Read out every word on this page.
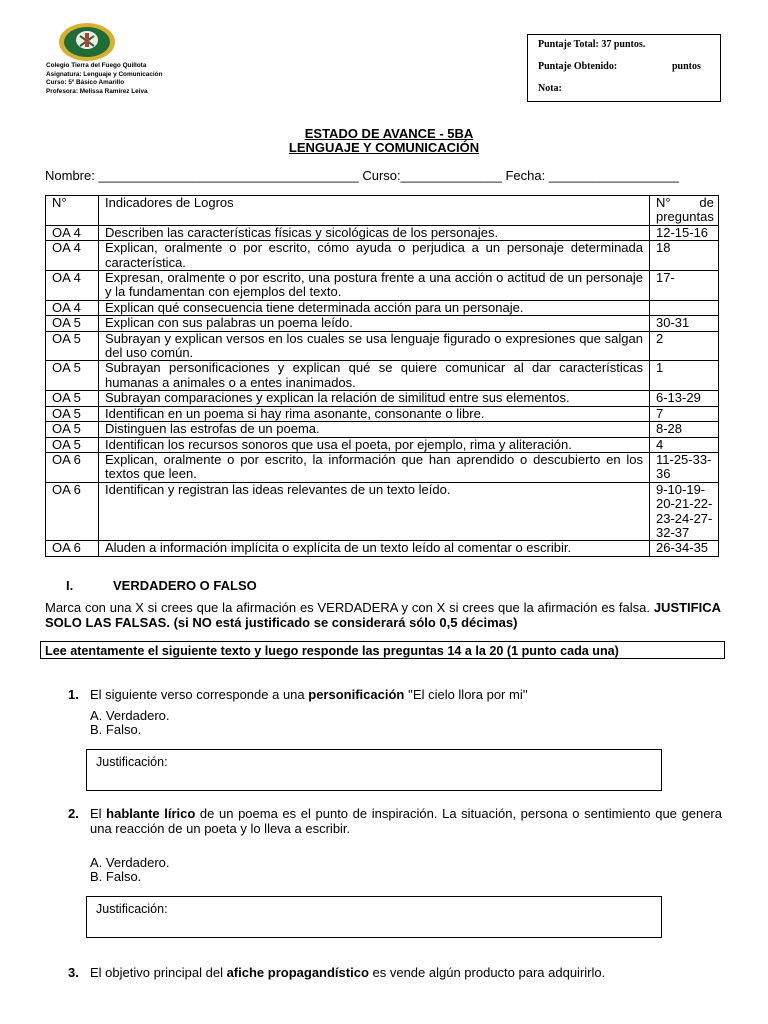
Colegio Tierra del Fuego Quillota
Asignatura: Lenguaje y Comunicación
Curso: 5º Básico Amarillo
Profesora: Melissa Ramírez Leiva
Puntaje Total: 37 puntos.
Puntaje Obtenido:	puntos
Nota:
ESTADO DE AVANCE - 5BA
LENGUAJE Y COMUNICACIÓN
Nombre: ____________________________________ Curso:______________ Fecha: __________________
N°	Indicadores de Logros	N° de
preguntas

OA 4	Describen las características físicas y sicológicas de los personajes.	12-15-16
OA 4	Explican, oralmente o por escrito, cómo ayuda o perjudica a un personaje determinada característica.	18
OA 4	Expresan, oralmente o por escrito, una postura frente a una acción o actitud de un personaje y la fundamentan con ejemplos del texto.	17-
OA 4	Explican qué consecuencia tiene determinada acción para un personaje.	
OA 5	Explican con sus palabras un poema leído.	30-31
OA 5	Subrayan y explican versos en los cuales se usa lenguaje figurado o expresiones que salgan del uso común.	2
OA 5	Subrayan personificaciones y explican qué se quiere comunicar al dar características humanas a animales o a entes inanimados.	1
OA 5	Subrayan comparaciones y explican la relación de similitud entre sus elementos.	6-13-29
OA 5	Identifican en un poema si hay rima asonante, consonante o libre.	7
OA 5	Distinguen las estrofas de un poema.	8-28
OA 5	Identifican los recursos sonoros que usa el poeta, por ejemplo, rima y aliteración.	4
OA 6	Explican, oralmente o por escrito, la información que han aprendido o descubierto en los textos que leen.	11-25-33-36
OA 6	Identifican y registran las ideas relevantes de un texto leído.	9-10-19-20-21-22-23-24-27-32-37
OA 6	Aluden a información implícita o explícita de un texto leído al comentar o escribir.	26-34-35
I.	VERDADERO O FALSO
Marca con una X si crees que la afirmación es VERDADERA y con X si crees que la afirmación es falsa. JUSTIFICA SOLO LAS FALSAS. (si NO está justificado se considerará sólo 0,5 décimas)
Lee atentamente el siguiente texto y luego responde las preguntas 14 a la 20 (1 punto cada una)
1. El siguiente verso corresponde a una personificación ''El cielo llora por mi''
A. Verdadero.
B. Falso.
Justificación:
2. El hablante lírico de un poema es el punto de inspiración. La situación, persona o sentimiento que genera una reacción de un poeta y lo lleva a escribir.
A. Verdadero.
B. Falso.
Justificación:
3. El objetivo principal del afiche propagandístico es vende algún producto para adquirirlo.
